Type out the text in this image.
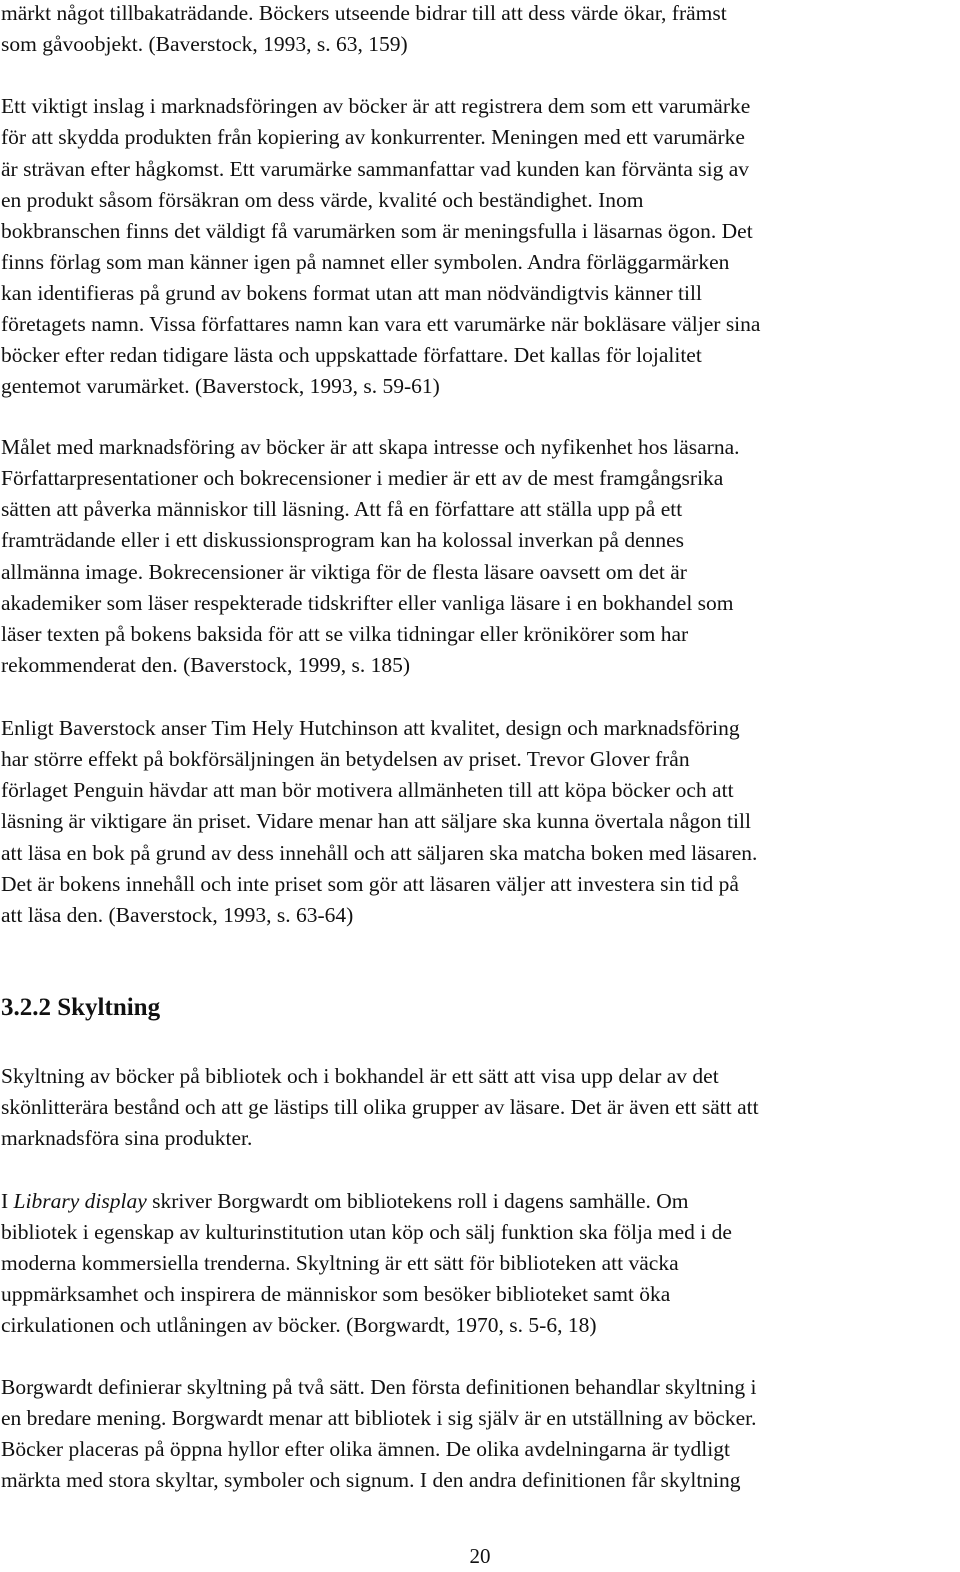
märkt något tillbakaträdande. Böckers utseende bidrar till att dess värde ökar, främst
som gåvoobjekt. (Baverstock, 1993, s. 63, 159)
Ett viktigt inslag i marknadsföringen av böcker är att registrera dem som ett varumärke
för att skydda produkten från kopiering av konkurrenter. Meningen med ett varumärke
är strävan efter hågkomst. Ett varumärke sammanfattar vad kunden kan förvänta sig av
en produkt såsom försäkran om dess värde, kvalité och beständighet. Inom
bokbranschen finns det väldigt få varumärken som är meningsfulla i läsarnas ögon. Det
finns förlag som man känner igen på namnet eller symbolen. Andra förläggarmärken
kan identifieras på grund av bokens format utan att man nödvändigtvis känner till
företagets namn. Vissa författares namn kan vara ett varumärke när bokläsare väljer sina
böcker efter redan tidigare lästa och uppskattade författare. Det kallas för lojalitet
gentemot varumärket. (Baverstock, 1993, s. 59-61)
Målet med marknadsföring av böcker är att skapa intresse och nyfikenhet hos läsarna.
Författarpresentationer och bokrecensioner i medier är ett av de mest framgångsrika
sätten att påverka människor till läsning. Att få en författare att ställa upp på ett
framträdande eller i ett diskussionsprogram kan ha kolossal inverkan på dennes
allmänna image. Bokrecensioner är viktiga för de flesta läsare oavsett om det är
akademiker som läser respekterade tidskrifter eller vanliga läsare i en bokhandel som
läser texten på bokens baksida för att se vilka tidningar eller krönikörer som har
rekommenderat den. (Baverstock, 1999, s. 185)
Enligt Baverstock anser Tim Hely Hutchinson att kvalitet, design och marknadsföring
har större effekt på bokförsäljningen än betydelsen av priset. Trevor Glover från
förlaget Penguin hävdar att man bör motivera allmänheten till att köpa böcker och att
läsning är viktigare än priset. Vidare menar han att säljare ska kunna övertala någon till
att läsa en bok på grund av dess innehåll och att säljaren ska matcha boken med läsaren.
Det är bokens innehåll och inte priset som gör att läsaren väljer att investera sin tid på
att läsa den. (Baverstock, 1993, s. 63-64)
3.2.2 Skyltning
Skyltning av böcker på bibliotek och i bokhandel är ett sätt att visa upp delar av det
skönlitterära bestånd och att ge lästips till olika grupper av läsare. Det är även ett sätt att
marknadsföra sina produkter.
I Library display skriver Borgwardt om bibliotekens roll i dagens samhälle. Om
bibliotek i egenskap av kulturinstitution utan köp och sälj funktion ska följa med i de
moderna kommersiella trenderna. Skyltning är ett sätt för biblioteken att väcka
uppmärksamhet och inspirera de människor som besöker biblioteket samt öka
cirkulationen och utlåningen av böcker. (Borgwardt, 1970, s. 5-6, 18)
Borgwardt definierar skyltning på två sätt. Den första definitionen behandlar skyltning i
en bredare mening. Borgwardt menar att bibliotek i sig själv är en utställning av böcker.
Böcker placeras på öppna hyllor efter olika ämnen. De olika avdelningarna är tydligt
märkta med stora skyltar, symboler och signum. I den andra definitionen får skyltning
20
